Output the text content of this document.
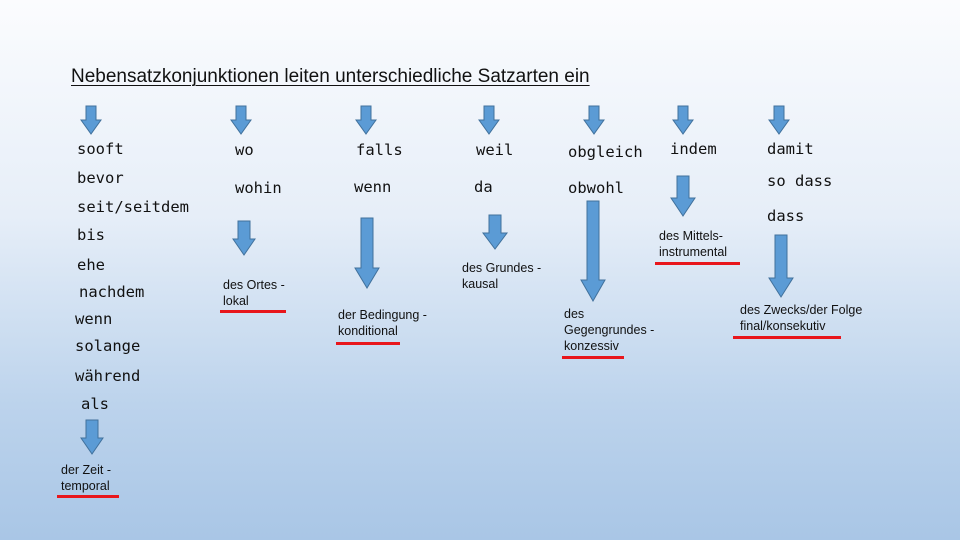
Nebensatzkonjunktionen leiten unterschiedliche Satzarten ein
sooft
bevor
seit/seitdem
bis
ehe
nachdem
wenn
solange
während
als
wo
wohin
falls
wenn
weil
da
obgleich
obwohl
indem	damit
so dass
dass
der Zeit -
temporal
des Ortes -
lokal
der Bedingung -
konditional
des Grundes -
kausal
des
Gegengrundes -
konzessiv
des Mittels-
instrumental
des Zwecks/der Folge
final/konsekutiv
